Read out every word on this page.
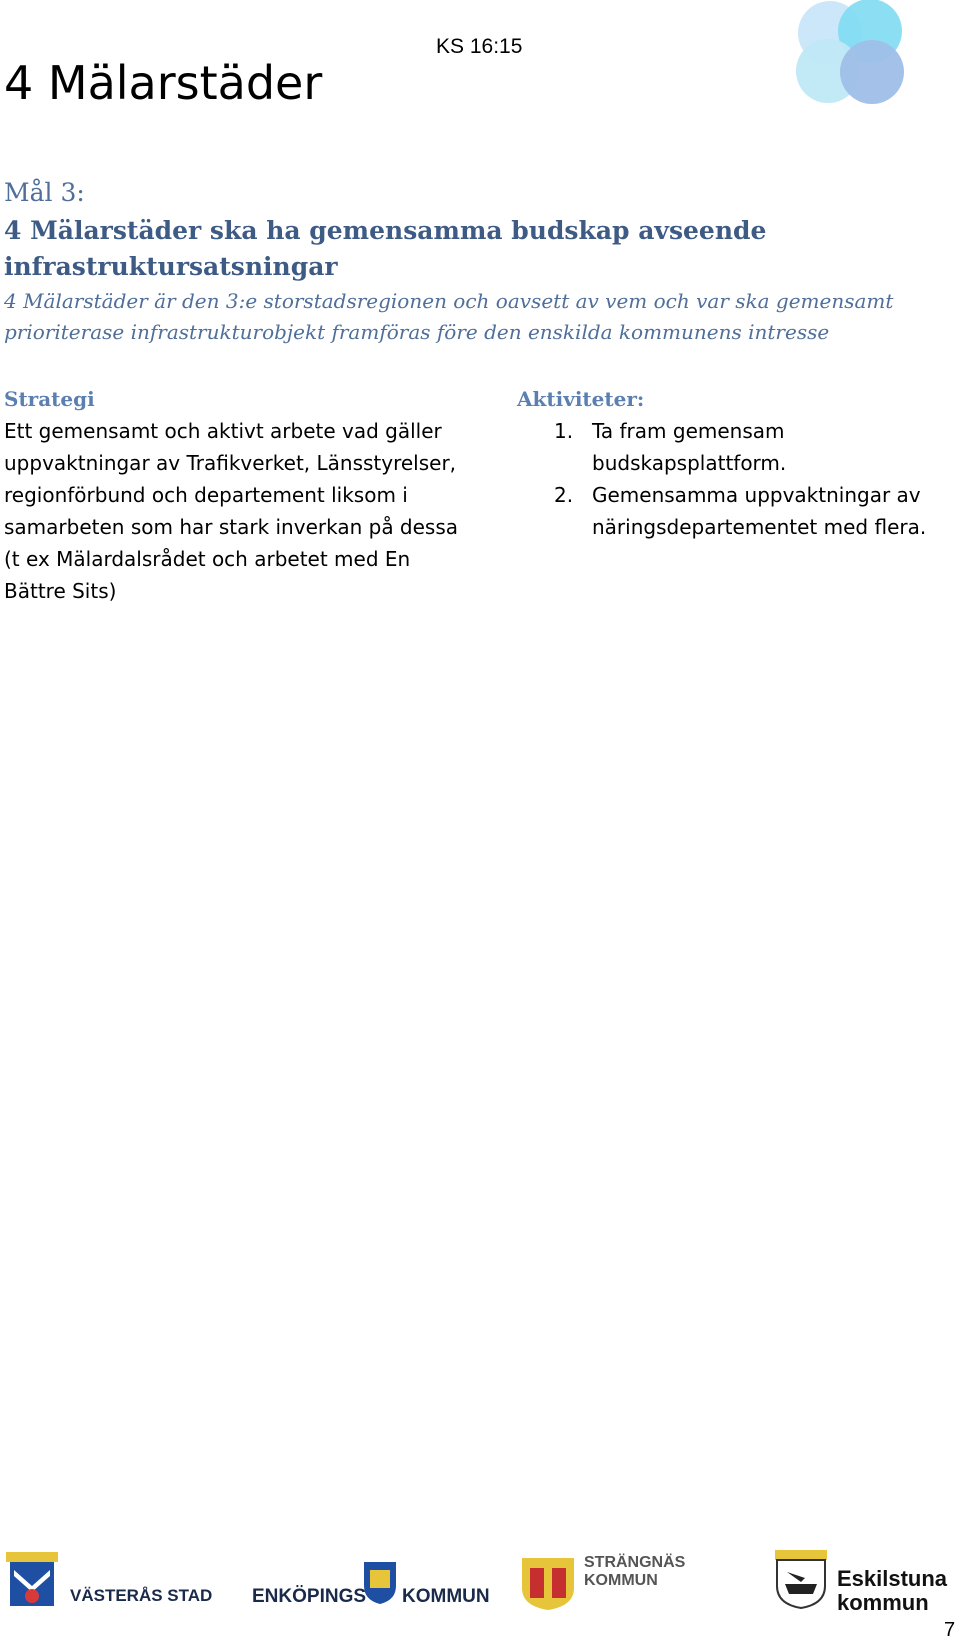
4 Mälarstäder
KS 16:15
Mål 3:
4 Mälarstäder ska ha gemensamma budskap avseende infrastruktursatsningar
4 Mälarstäder är den 3:e storstadsregionen och oavsett av vem och var ska gemensamt prioriterase infrastrukturobjekt framföras före den enskilda kommunens intresse
Strategi
Ett gemensamt och aktivt arbete vad gäller uppvaktningar av Trafikverket, Länsstyrelser, regionförbund och departement liksom i samarbeten som har stark inverkan på dessa (t ex Mälardalsrådet och arbetet med En Bättre Sits)
Aktiviteter:
1. Ta fram gemensam budskapsplattform.
2. Gemensamma uppvaktningar av näringsdepartementet med flera.
VÄSTERÅS STAD ENKÖPINGS KOMMUN
STRÄNGNÄS
KOMMUN	Eskilstuna
kommun
7
